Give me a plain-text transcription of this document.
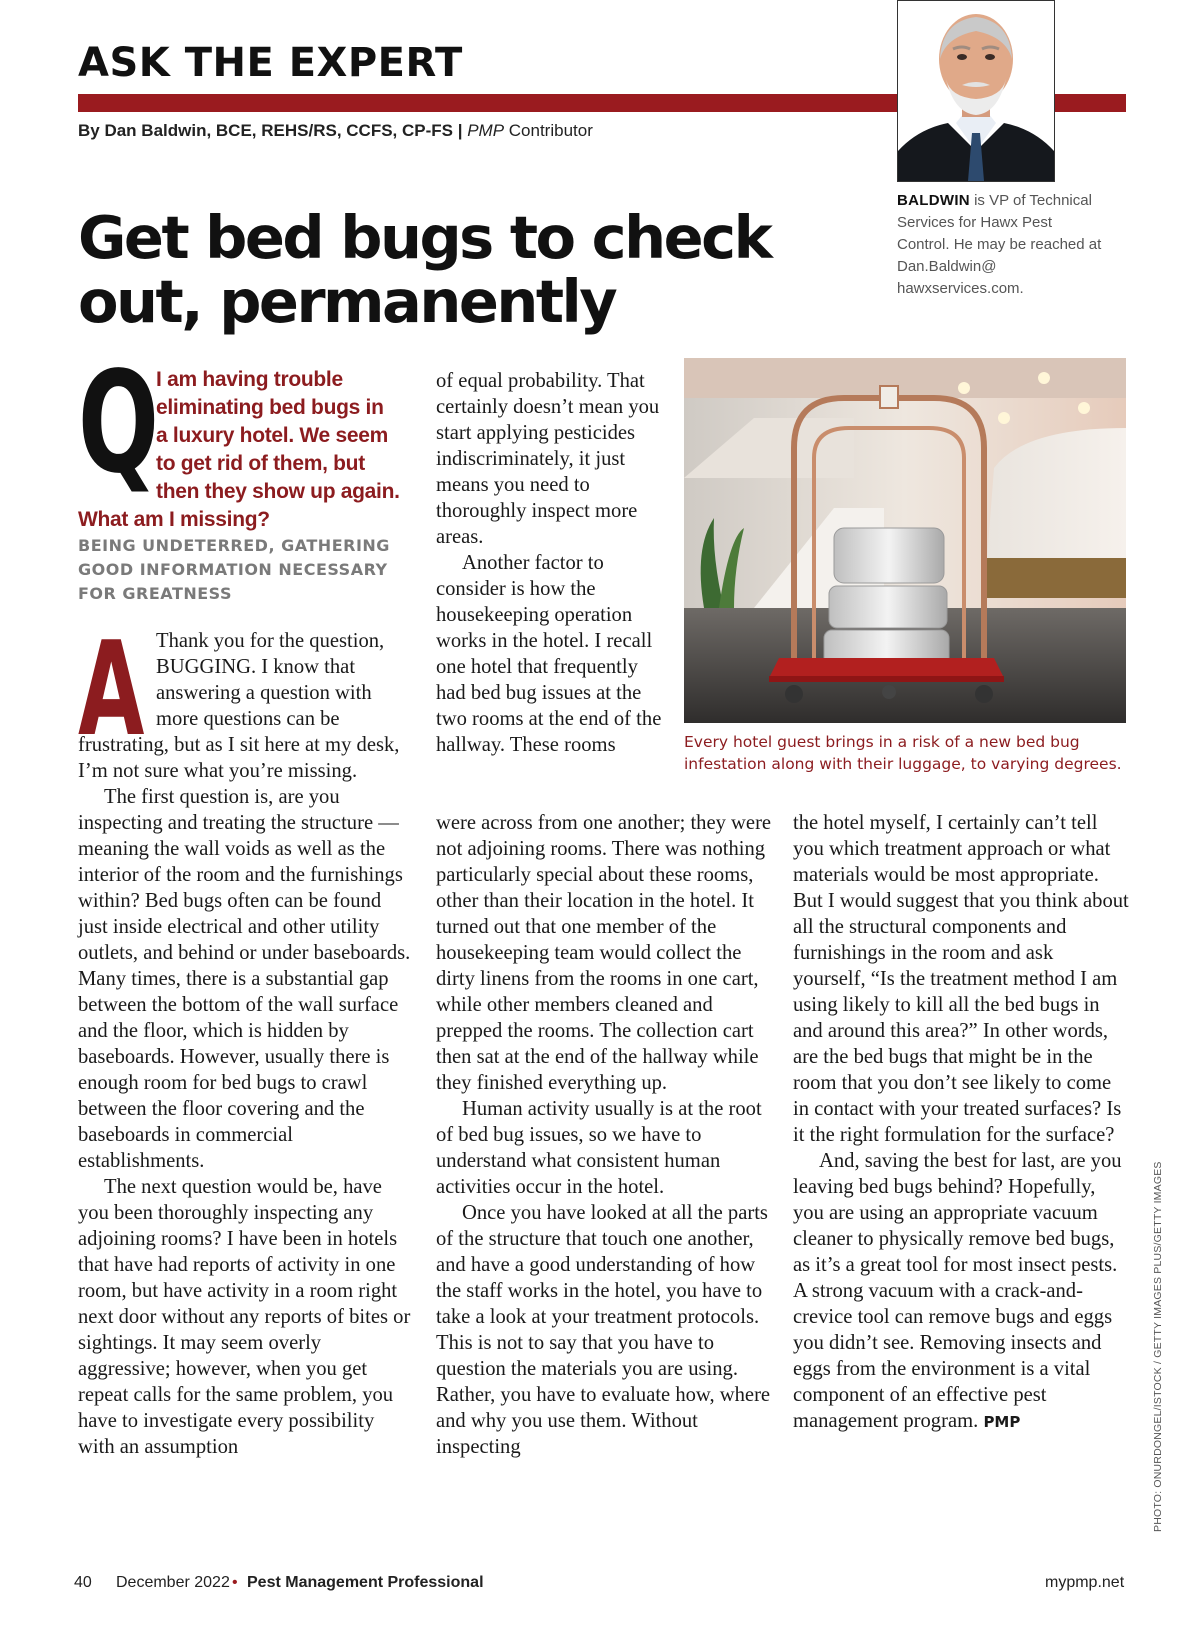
ASK THE EXPERT
By Dan Baldwin, BCE, REHS/RS, CCFS, CP-FS | PMP Contributor
BALDWIN is VP of Technical Services for Hawx Pest Control. He may be reached at Dan.Baldwin@ hawxservices.com.
Get bed bugs to check out, permanently
Q
I am having trouble
eliminating bed bugs in
a luxury hotel. We seem
to get rid of them, but
then they show up again.
What am I missing?
BEING UNDETERRED, GATHERING GOOD INFORMATION NECESSARY FOR GREATNESS
A Thank you for the question, BUGGING. I know that answering a question with more questions can be frustrating, but as I sit here at my desk, I’m not sure what you’re missing.

The first question is, are you inspecting and treating the structure — meaning the wall voids as well as the interior of the room and the furnishings within? Bed bugs often can be found just inside electrical and other utility outlets, and behind or under baseboards. Many times, there is a substantial gap between the bottom of the wall surface and the floor, which is hidden by baseboards. However, usually there is enough room for bed bugs to crawl between the floor covering and the baseboards in commercial establishments.

The next question would be, have you been thoroughly inspecting any adjoining rooms? I have been in hotels that have had reports of activity in one room, but have activity in a room right next door without any reports of bites or sightings. It may seem overly aggressive; however, when you get repeat calls for the same problem, you have to investigate every possibility with an assumption

of equal probability. That certainly doesn’t mean you start applying pesticides indiscriminately, it just means you need to thoroughly inspect more areas.

Another factor to consider is how the housekeeping operation works in the hotel. I recall one hotel that frequently had bed bug issues at the two rooms at the end of the hallway. These rooms

were across from one another; they were not adjoining rooms. There was nothing particularly special about these rooms, other than their location in the hotel. It turned out that one member of the housekeeping team would collect the dirty linens from the rooms in one cart, while other members cleaned and prepped the rooms. The collection cart then sat at the end of the hallway while they finished everything up.

Human activity usually is at the root of bed bug issues, so we have to understand what consistent human activities occur in the hotel.

Once you have looked at all the parts of the structure that touch one another, and have a good understanding of how the staff works in the hotel, you have to take a look at your treatment protocols. This is not to say that you have to question the materials you are using. Rather, you have to evaluate how, where and why you use them. Without inspecting

Every hotel guest brings in a risk of a new bed bug infestation along with their luggage, to varying degrees.

the hotel myself, I certainly can’t tell you which treatment approach or what materials would be most appropriate. But I would suggest that you think about all the structural components and furnishings in the room and ask yourself, “Is the treatment method I am using likely to kill all the bed bugs in and around this area?” In other words, are the bed bugs that might be in the room that you don’t see likely to come in contact with your treated surfaces? Is it the right formulation for the surface?

And, saving the best for last, are you leaving bed bugs behind? Hopefully, you are using an appropriate vacuum cleaner to physically remove bed bugs, as it’s a great tool for most insect pests. A strong vacuum with a crack-and-crevice tool can remove bugs and eggs you didn’t see. Removing insects and eggs from the environment is a vital component of an effective pest management program. PMP	PHOTO: ONURDONGEL/ISTOCK / GETTY IMAGES PLUS/GETTY IMAGES
40 December 2022 • Pest Management Professional	mypmp.net
